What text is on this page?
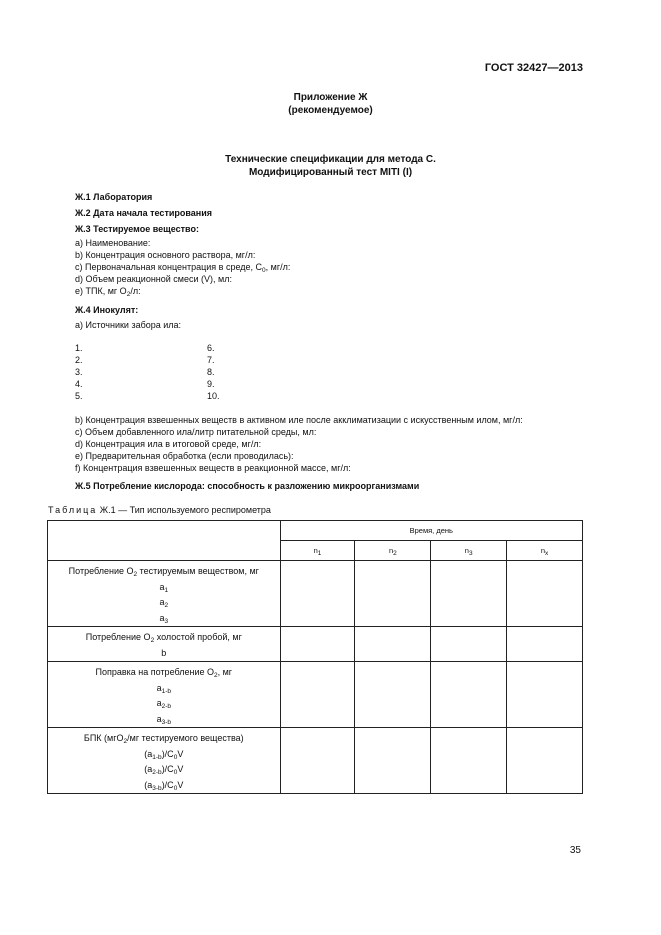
ГОСТ 32427—2013
Приложение Ж
(рекомендуемое)
Технические спецификации для метода С.
Модифицированный тест MITI (I)
Ж.1 Лаборатория
Ж.2 Дата начала тестирования
Ж.3 Тестируемое вещество:
a) Наименование:
b) Концентрация основного раствора, мг/л:
c) Первоначальная концентрация в среде, $C_0$, мг/л:
d) Объем реакционной смеси (V), мл:
e) ТПК, мг $O_2/л$:
Ж.4 Инокулят:
a) Источники забора ила:
1.
2.
3.
4.
5.
6.
7.
8.
9.
10.
b) Концентрация взвешенных веществ в активном иле после акклиматизации с искусственным илом, мг/л:
c) Объем добавленного ила/литр питательной среды, мл:
d) Концентрация ила в итоговой среде, мг/л:
e) Предварительная обработка (если проводилась):
f) Концентрация взвешенных веществ в реакционной массе, мг/л:
Ж.5 Потребление кислорода: способность к разложению микроорганизмами
Таблица Ж.1 — Тип используемого респирометра
	Время, день			
	$n_1$	$n_2$	$n_3$	$n_x$

Потребление $O_2$ тестируемым веществом, мг
$a_1$
$a_2$
$a_3$

Потребление $O_2$ холостой пробой, мг
b				

Поправка на потребление $O_2$, мг
$a_{1-b}$
$a_{2-b}$
$a_{3-b}$

БПК (мгO$_2$/мг тестируемого вещества)
$(a_{1-b})/C_0V$
$(a_{2-b})/C_0V$
$(a_{3-b})/C_0V$				

35
